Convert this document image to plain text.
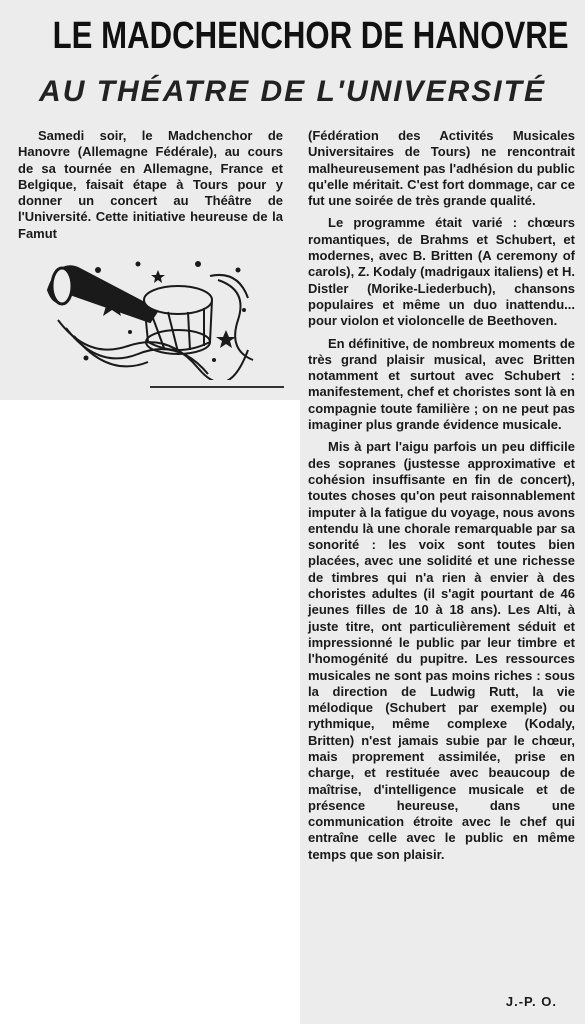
LE MADCHENCHOR DE HANOVRE
AU THÉATRE DE L'UNIVERSITÉ

Samedi soir, le Madchenchor de Hanovre (Allemagne Fédérale), au cours de sa tournée en Allemagne, France et Belgique, faisait étape à Tours pour y donner un concert au Théâtre de l'Université. Cette initiative heureuse de la Famut

(Fédération des Activités Musicales Universitaires de Tours) ne rencontrait malheureusement pas l'adhésion du public qu'elle méritait. C'est fort dommage, car ce fut une soirée de très grande qualité.

Le programme était varié : chœurs romantiques, de Brahms et Schubert, et modernes, avec B. Britten (A ceremony of carols), Z. Kodaly (madrigaux italiens) et H. Distler (Morike-Liederbuch), chansons populaires et même un duo inattendu... pour violon et violoncelle de Beethoven.

En définitive, de nombreux moments de très grand plaisir musical, avec Britten notamment et surtout avec Schubert : manifestement, chef et choristes sont là en compagnie toute familière ; on ne peut pas imaginer plus grande évidence musicale.

Mis à part l'aigu parfois un peu difficile des sopranes (justesse approximative et cohésion insuffisante en fin de concert), toutes choses qu'on peut raisonnablement imputer à la fatigue du voyage, nous avons entendu là une chorale remarquable par sa sonorité : les voix sont toutes bien placées, avec une solidité et une richesse de timbres qui n'a rien à envier à des choristes adultes (il s'agit pourtant de 46 jeunes filles de 10 à 18 ans). Les Alti, à juste titre, ont particulièrement séduit et impressionné le public par leur timbre et l'homogénité du pupitre. Les ressources musicales ne sont pas moins riches : sous la direction de Ludwig Rutt, la vie mélodique (Schubert par exemple) ou rythmique, même complexe (Kodaly, Britten) n'est jamais subie par le chœur, mais proprement assimilée, prise en charge, et restituée avec beaucoup de maîtrise, d'intelligence musicale et de présence heureuse, dans une communication étroite avec le chef qui entraîne celle avec le public en même temps que son plaisir.

J.-P. O.
